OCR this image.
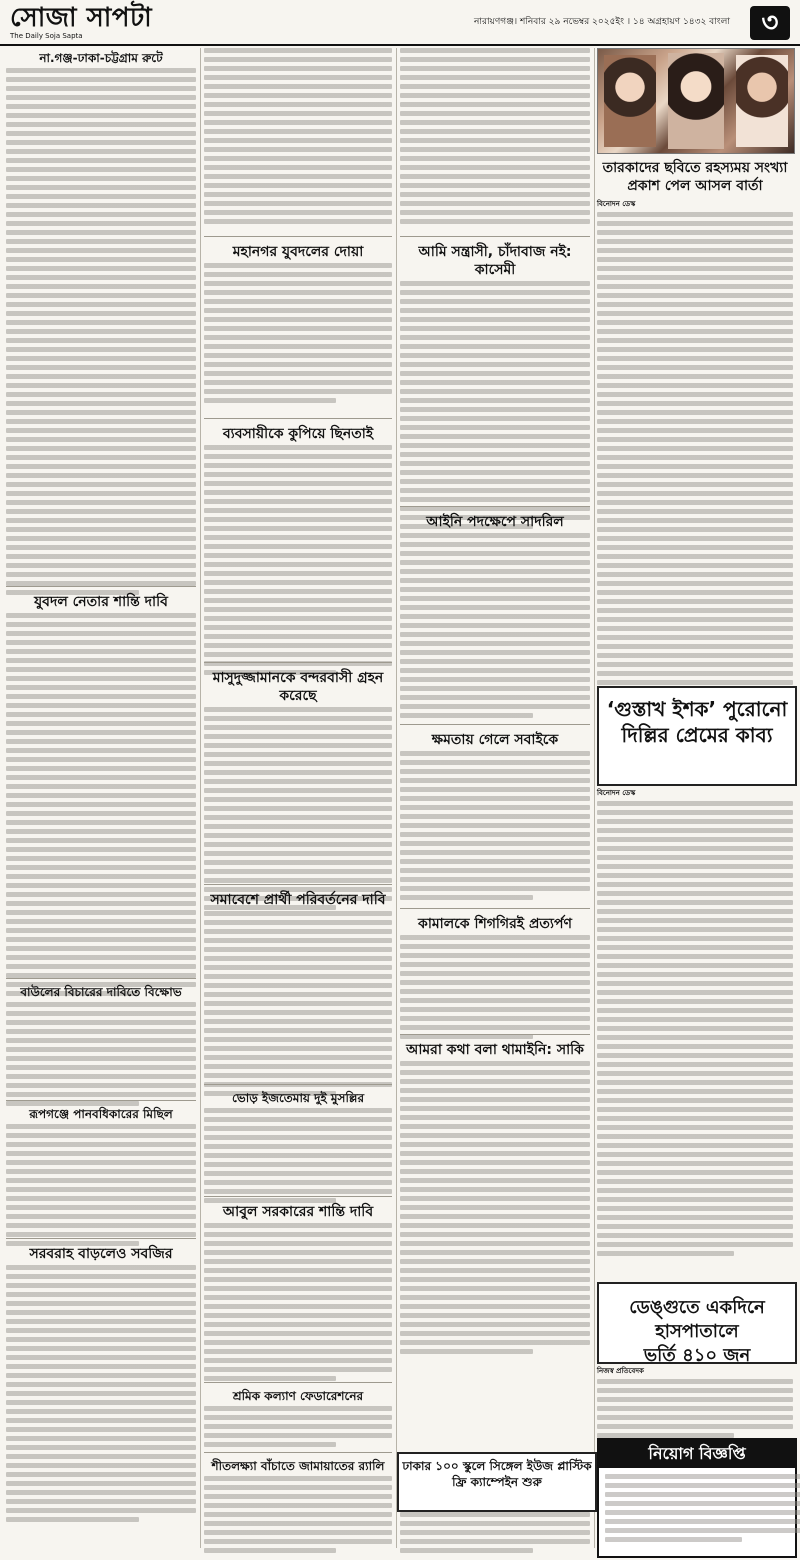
সোজা সাপটা
The Daily Soja Sapta
নারায়ণগঞ্জ। শনিবার ২৯ নভেম্বর ২০২৫ইং । ১৪ অগ্রহায়ণ ১৪৩২ বাংলা	৩
না.গঞ্জ-ঢাকা-চট্টগ্রাম রুটে
যুবদল নেতার শান্তি দাবি
বাউলের বিচারের দাবিতে বিক্ষোভ
রূপগঞ্জে পানবধিকারের মিছিল
সরবরাহ বাড়লেও সবজির
মহানগর যুবদলের দোয়া
ব্যবসায়ীকে কুপিয়ে ছিনতাই
মাসুদুজ্জামানকে বন্দরবাসী গ্রহন করেছে
সমাবেশে প্রার্থী পরিবর্তনের দাবি
ভোড় ইজতেমায় দুই মুসল্লির
আবুল সরকারের শান্তি দাবি
শ্রমিক কল্যাণ ফেডারেশনের
শীতলক্ষ্যা বাঁচাতে জামায়াতের র‍্যালি
আমি সন্ত্রাসী, চাঁদাবাজ নই: কাসেমী
আইনি পদক্ষেপে সাদরিল
ক্ষমতায় গেলে সবাইকে
কামালকে শিগগিরই প্রত্যর্পণ
আমরা কথা বলা থামাইনি: সাকি
ঢাকার ১০০ স্কুলে সিঙ্গেল ইউজ প্লাস্টিক ফ্রি ক্যাম্পেইন শুরু
তারকাদের ছবিতে রহস্যময় সংখ্যা প্রকাশ পেল আসল বার্তা
বিনোদন ডেস্ক
‘গুস্তাখ ইশক’ পুরোনো
দিল্লির প্রেমের কাব্য
বিনোদন ডেস্ক
ডেঙ্গুতে একদিনে হাসপাতালে
ভর্তি ৪১০ জন
নিজস্ব প্রতিবেদক
নিয়োগ বিজ্ঞপ্তি
